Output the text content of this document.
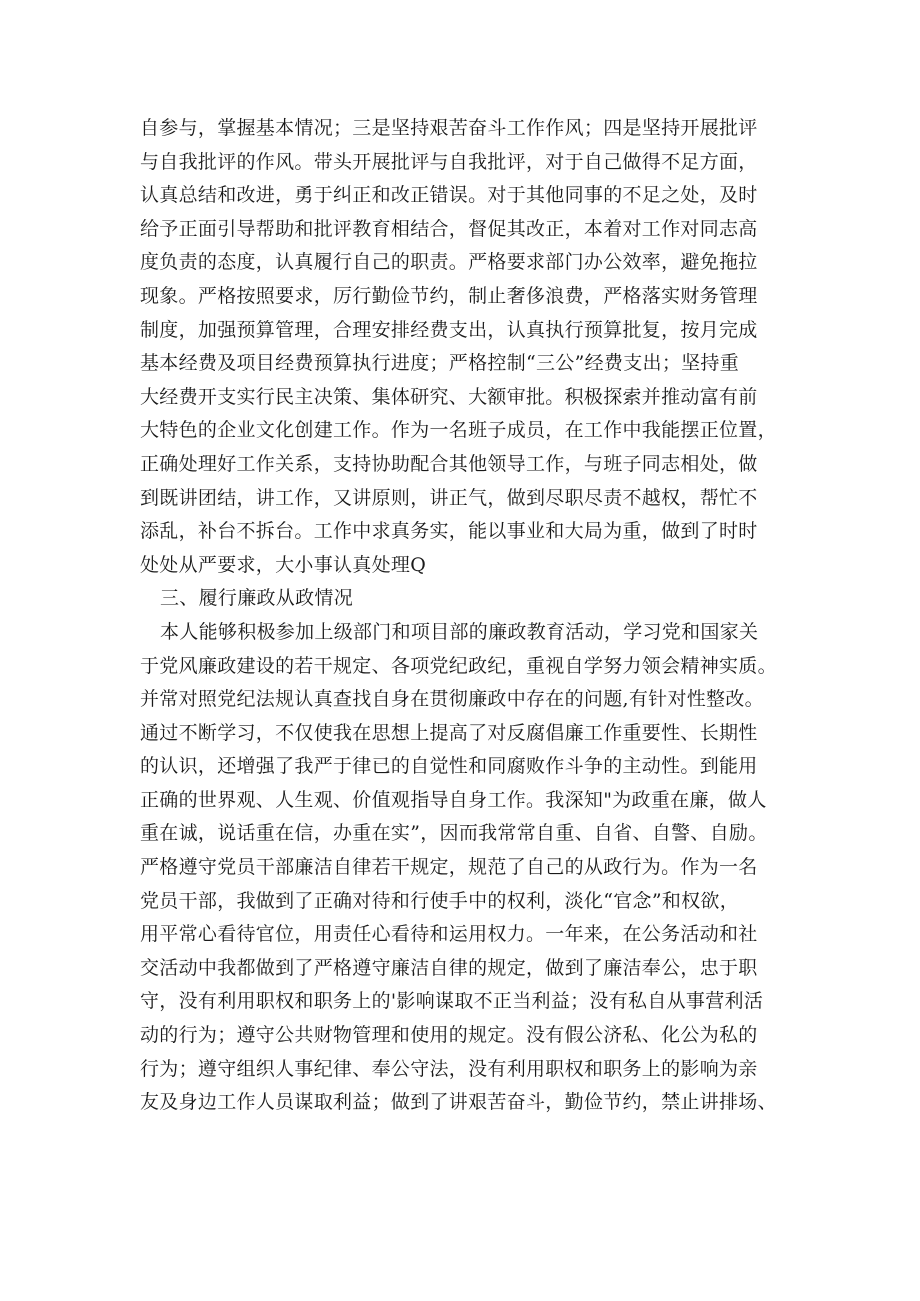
自参与，掌握基本情况；三是坚持艰苦奋斗工作作风；四是坚持开展批评
与自我批评的作风。带头开展批评与自我批评，对于自己做得不足方面，
认真总结和改进，勇于纠正和改正错误。对于其他同事的不足之处，及时
给予正面引导帮助和批评教育相结合，督促其改正，本着对工作对同志高
度负责的态度，认真履行自己的职责。严格要求部门办公效率，避免拖拉
现象。严格按照要求，厉行勤俭节约，制止奢侈浪费，严格落实财务管理
制度，加强预算管理，合理安排经费支出，认真执行预算批复，按月完成
基本经费及项目经费预算执行进度；严格控制“三公”经费支出；坚持重
大经费开支实行民主决策、集体研究、大额审批。积极探索并推动富有前
大特色的企业文化创建工作。作为一名班子成员，在工作中我能摆正位置，
正确处理好工作关系，支持协助配合其他领导工作，与班子同志相处，做
到既讲团结，讲工作，又讲原则，讲正气，做到尽职尽责不越权，帮忙不
添乱，补台不拆台。工作中求真务实，能以事业和大局为重，做到了时时
处处从严要求，大小事认真处理Q
三、履行廉政从政情况
本人能够积极参加上级部门和项目部的廉政教育活动，学习党和国家关
于党风廉政建设的若干规定、各项党纪政纪，重视自学努力领会精神实质。
并常对照党纪法规认真查找自身在贯彻廉政中存在的问题,有针对性整改。
通过不断学习，不仅使我在思想上提高了对反腐倡廉工作重要性、长期性
的认识，还增强了我严于律已的自觉性和同腐败作斗争的主动性。到能用
正确的世界观、人生观、价值观指导自身工作。我深知"为政重在廉，做人
重在诚，说话重在信，办重在实”，因而我常常自重、自省、自警、自励。
严格遵守党员干部廉洁自律若干规定，规范了自己的从政行为。作为一名
党员干部，我做到了正确对待和行使手中的权利，淡化“官念”和权欲，
用平常心看待官位，用责任心看待和运用权力。一年来，在公务活动和社
交活动中我都做到了严格遵守廉洁自律的规定，做到了廉洁奉公，忠于职
守，没有利用职权和职务上的'影响谋取不正当利益；没有私自从事营利活
动的行为；遵守公共财物管理和使用的规定。没有假公济私、化公为私的
行为；遵守组织人事纪律、奉公守法，没有利用职权和职务上的影响为亲
友及身边工作人员谋取利益；做到了讲艰苦奋斗，勤俭节约，禁止讲排场、
